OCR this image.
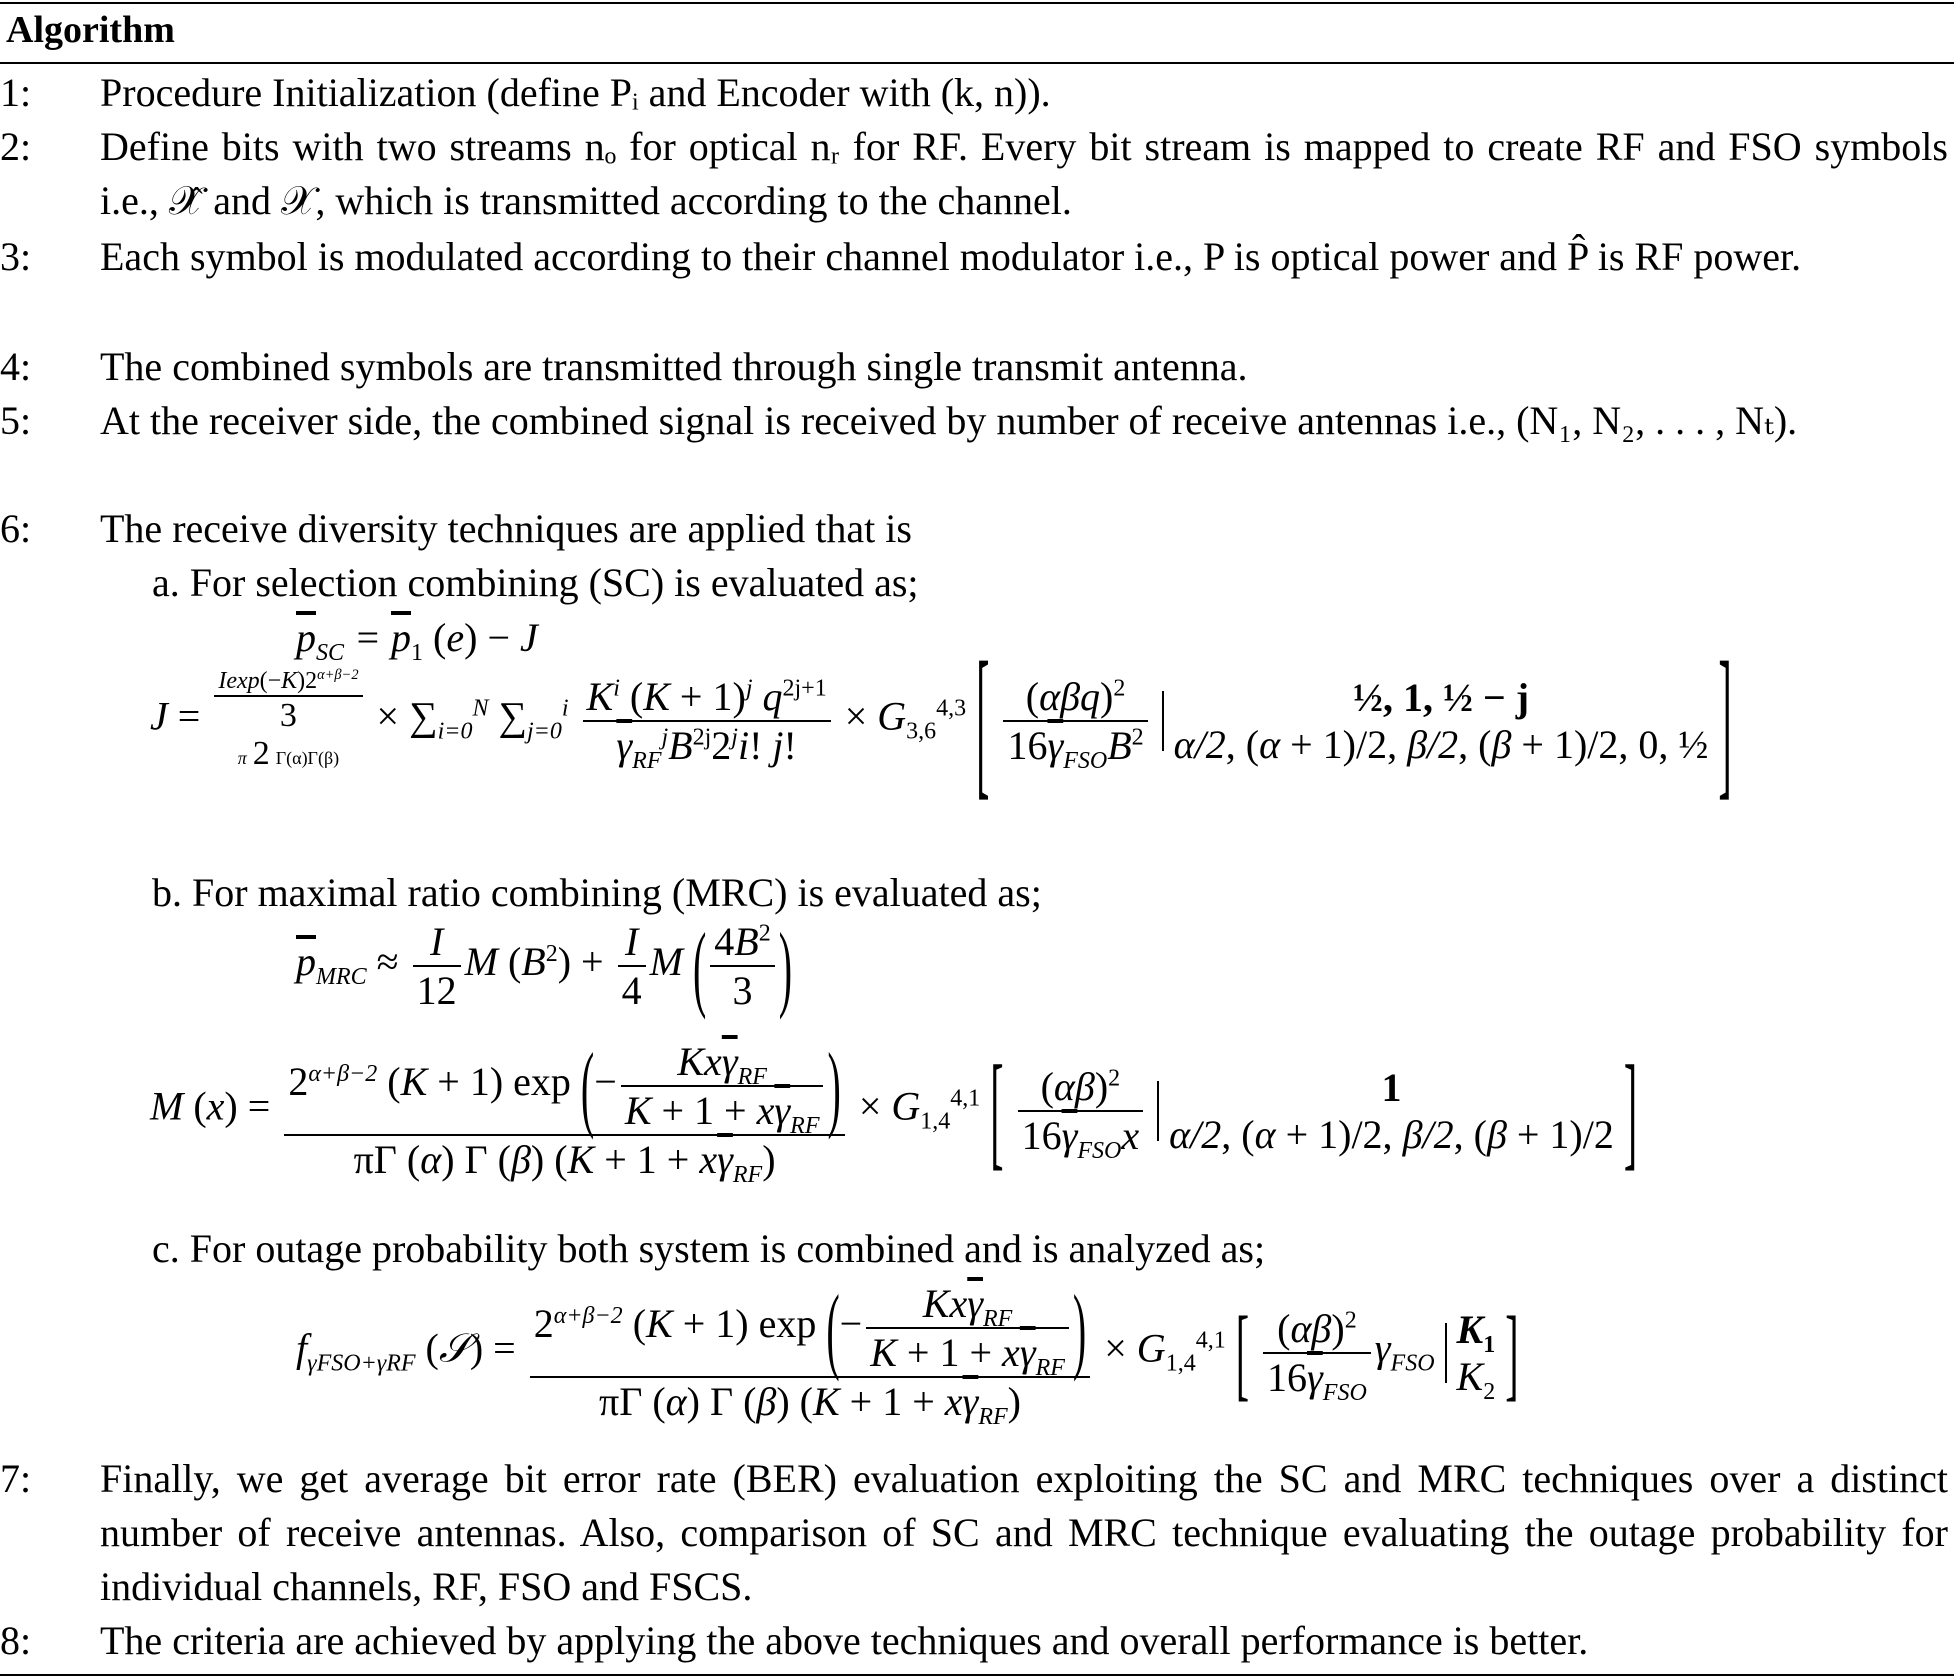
Algorithm
1:	Procedure Initialization (define Pᵢ and Encoder with (k, n)).
2:	Define bits with two streams nₒ for optical nᵣ for RF. Every bit stream is mapped to create RF and FSO symbols i.e., 𝒳̂ and 𝒳, which is transmitted according to the channel.
3:	Each symbol is modulated according to their channel modulator i.e., P is optical power and P̂ is RF power.
4:	The combined symbols are transmitted through single transmit antenna.
5:	At the receiver side, the combined signal is received by number of receive antennas i.e., (N₁, N₂, . . . , Nₜ).
6:	The receive diversity techniques are applied that is
a. For selection combining (SC) is evaluated as;
$\overline{p}_{SC} = \overline{p}_1$ (e) − J
J =
$Iexp(-K)2^{\alpha+\beta-2}$
3
π 2 Γ(α)Γ(β)
× $\sum_{i=0}^N$ $\sum_{j=0}^i \frac{K^i (K + 1)^j q^{2j+1}}{\overline{\gamma}_{RF}^jB^{2j}2^ji! j!} \times G_{3,6}^{4,3}$ [ $\frac{(\alpha\beta q)^2}{16\overline{\gamma}_{FSO}B^2}$
	½, 1, ½ − j
α/2, (α + 1)/2, β/2, (β + 1)/2, 0, ½ ]
b. For maximal ratio combining (MRC) is evaluated as;
$\overline{p}_{MRC} \approx \frac{I}{12}$ M $(B^2) + \frac{I}{4}$ M ( $\frac{4B^2}{3}$ )
M $(x) = \frac{2^{\alpha+\beta-2} (K + 1) \exp (- \frac{Kx\overline{\gamma}_{RF}}{K + 1 + x\overline{\gamma}_{RF}} )}{\pi\Gamma (\alpha) \Gamma (\beta) (K + 1 + x\overline{\gamma}_{RF})} \times G_{1,4}^{4,1}$ [ $\frac{(\alpha\beta)^2}{16\overline{\gamma}_{FSO}x}$
	1
α/2, (α + 1)/2, β/2, (β + 1)/2 ]
c. For outage probability both system is combined and is analyzed as;
$f_{\gamma FSO+\gamma RF}$ (𝒮) = $\frac{2^{\alpha+\beta-2} (K + 1) \exp (- \frac{Kx\overline{\gamma}_{RF}}{K + 1 + x\overline{\gamma}_{RF}} )}{\pi\Gamma (\alpha) \Gamma (\beta) (K + 1 + x\overline{\gamma}_{RF})} \times G_{1,4}^{4,1}$ [ $\frac{(\alpha\beta)^2}{16\overline{\gamma}_{FSO}} \gamma_{FSO}$
$K_1$
$K_2$ ]
7:	Finally, we get average bit error rate (BER) evaluation exploiting the SC and MRC techniques over a distinct number of receive antennas. Also, comparison of SC and MRC technique evaluating the outage probability for individual channels, RF, FSO and FSCS.
8:	The criteria are achieved by applying the above techniques and overall performance is better.
